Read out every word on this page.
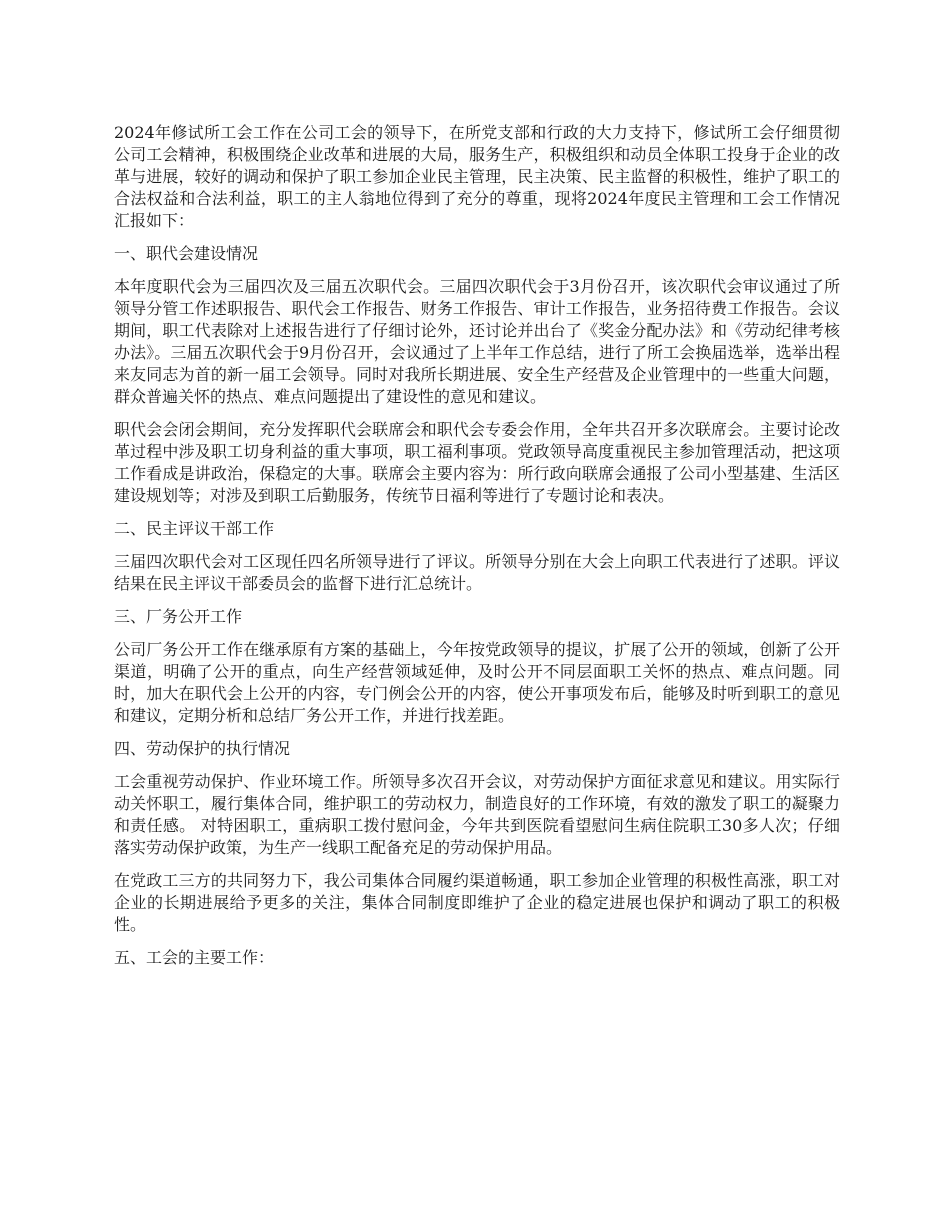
2024年修试所工会工作在公司工会的领导下，在所党支部和行政的大力支持下，修试所工会仔细贯彻公司工会精神，积极围绕企业改革和进展的大局，服务生产，积极组织和动员全体职工投身于企业的改革与进展，较好的调动和保护了职工参加企业民主管理，民主决策、民主监督的积极性，维护了职工的合法权益和合法利益，职工的主人翁地位得到了充分的尊重，现将2024年度民主管理和工会工作情况汇报如下：

一、职代会建设情况

本年度职代会为三届四次及三届五次职代会。三届四次职代会于3月份召开，该次职代会审议通过了所领导分管工作述职报告、职代会工作报告、财务工作报告、审计工作报告，业务招待费工作报告。会议期间，职工代表除对上述报告进行了仔细讨论外，还讨论并出台了《奖金分配办法》和《劳动纪律考核办法》。三届五次职代会于9月份召开，会议通过了上半年工作总结，进行了所工会换届选举，选举出程来友同志为首的新一届工会领导。同时对我所长期进展、安全生产经营及企业管理中的一些重大问题，群众普遍关怀的热点、难点问题提出了建设性的意见和建议。

职代会会闭会期间，充分发挥职代会联席会和职代会专委会作用，全年共召开多次联席会。主要讨论改革过程中涉及职工切身利益的重大事项，职工福利事项。党政领导高度重视民主参加管理活动，把这项工作看成是讲政治，保稳定的大事。联席会主要内容为：所行政向联席会通报了公司小型基建、生活区建设规划等；对涉及到职工后勤服务，传统节日福利等进行了专题讨论和表决。

二、民主评议干部工作

三届四次职代会对工区现任四名所领导进行了评议。所领导分别在大会上向职工代表进行了述职。评议结果在民主评议干部委员会的监督下进行汇总统计。

三、厂务公开工作

公司厂务公开工作在继承原有方案的基础上，今年按党政领导的提议，扩展了公开的领域，创新了公开渠道，明确了公开的重点，向生产经营领域延伸，及时公开不同层面职工关怀的热点、难点问题。同时，加大在职代会上公开的内容，专门例会公开的内容，使公开事项发布后，能够及时听到职工的意见和建议，定期分析和总结厂务公开工作，并进行找差距。

四、劳动保护的执行情况

工会重视劳动保护、作业环境工作。所领导多次召开会议，对劳动保护方面征求意见和建议。用实际行动关怀职工，履行集体合同，维护职工的劳动权力，制造良好的工作环境，有效的激发了职工的凝聚力和责任感。 对特困职工，重病职工拨付慰问金，今年共到医院看望慰问生病住院职工30多人次；仔细落实劳动保护政策，为生产一线职工配备充足的劳动保护用品。

在党政工三方的共同努力下，我公司集体合同履约渠道畅通，职工参加企业管理的积极性高涨，职工对企业的长期进展给予更多的关注，集体合同制度即维护了企业的稳定进展也保护和调动了职工的积极性。

五、工会的主要工作：
